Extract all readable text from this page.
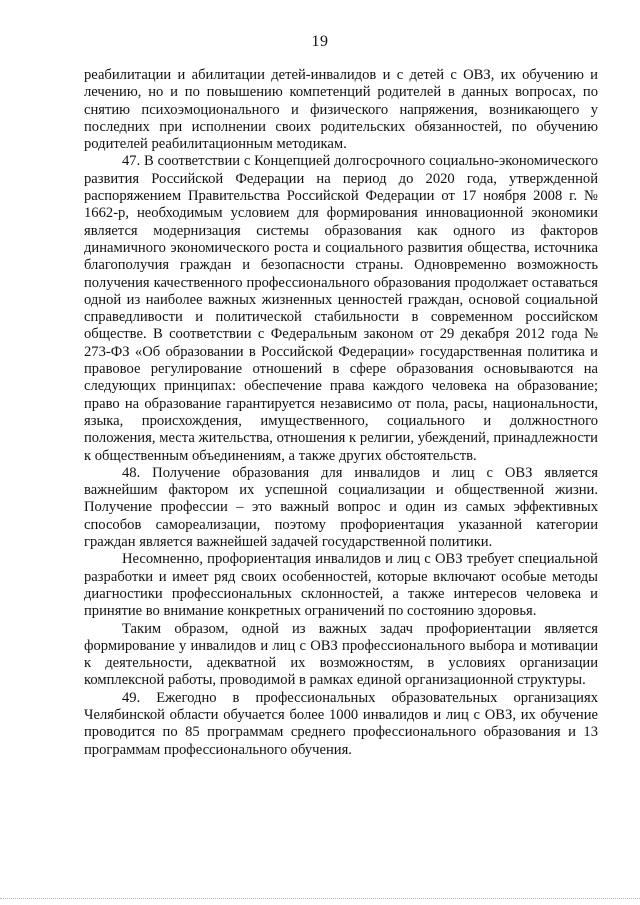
19

реабилитации и абилитации детей-инвалидов и с детей с ОВЗ, их обучению и лечению, но и по повышению компетенций родителей в данных вопросах, по снятию психоэмоционального и физического напряжения, возникающего у последних при исполнении своих родительских обязанностей, по обучению родителей реабилитационным методикам.

47. В соответствии с Концепцией долгосрочного социально-экономического развития Российской Федерации на период до 2020 года, утвержденной распоряжением Правительства Российской Федерации от 17 ноября 2008 г. № 1662-р, необходимым условием для формирования инновационной экономики является модернизация системы образования как одного из факторов динамичного экономического роста и социального развития общества, источника благополучия граждан и безопасности страны. Одновременно возможность получения качественного профессионального образования продолжает оставаться одной из наиболее важных жизненных ценностей граждан, основой социальной справедливости и политической стабильности в современном российском обществе. В соответствии с Федеральным законом от 29 декабря 2012 года № 273-ФЗ «Об образовании в Российской Федерации» государственная политика и правовое регулирование отношений в сфере образования основываются на следующих принципах: обеспечение права каждого человека на образование; право на образование гарантируется независимо от пола, расы, национальности, языка, происхождения, имущественного, социального и должностного положения, места жительства, отношения к религии, убеждений, принадлежности к общественным объединениям, а также других обстоятельств.

48. Получение образования для инвалидов и лиц с ОВЗ является важнейшим фактором их успешной социализации и общественной жизни. Получение профессии – это важный вопрос и один из самых эффективных способов самореализации, поэтому профориентация указанной категории граждан является важнейшей задачей государственной политики.

Несомненно, профориентация инвалидов и лиц с ОВЗ требует специальной разработки и имеет ряд своих особенностей, которые включают особые методы диагностики профессиональных склонностей, а также интересов человека и принятие во внимание конкретных ограничений по состоянию здоровья.

Таким образом, одной из важных задач профориентации является формирование у инвалидов и лиц с ОВЗ профессионального выбора и мотивации к деятельности, адекватной их возможностям, в условиях организации комплексной работы, проводимой в рамках единой организационной структуры.

49. Ежегодно в профессиональных образовательных организациях Челябинской области обучается более 1000 инвалидов и лиц с ОВЗ, их обучение проводится по 85 программам среднего профессионального образования и 13 программам профессионального обучения.
